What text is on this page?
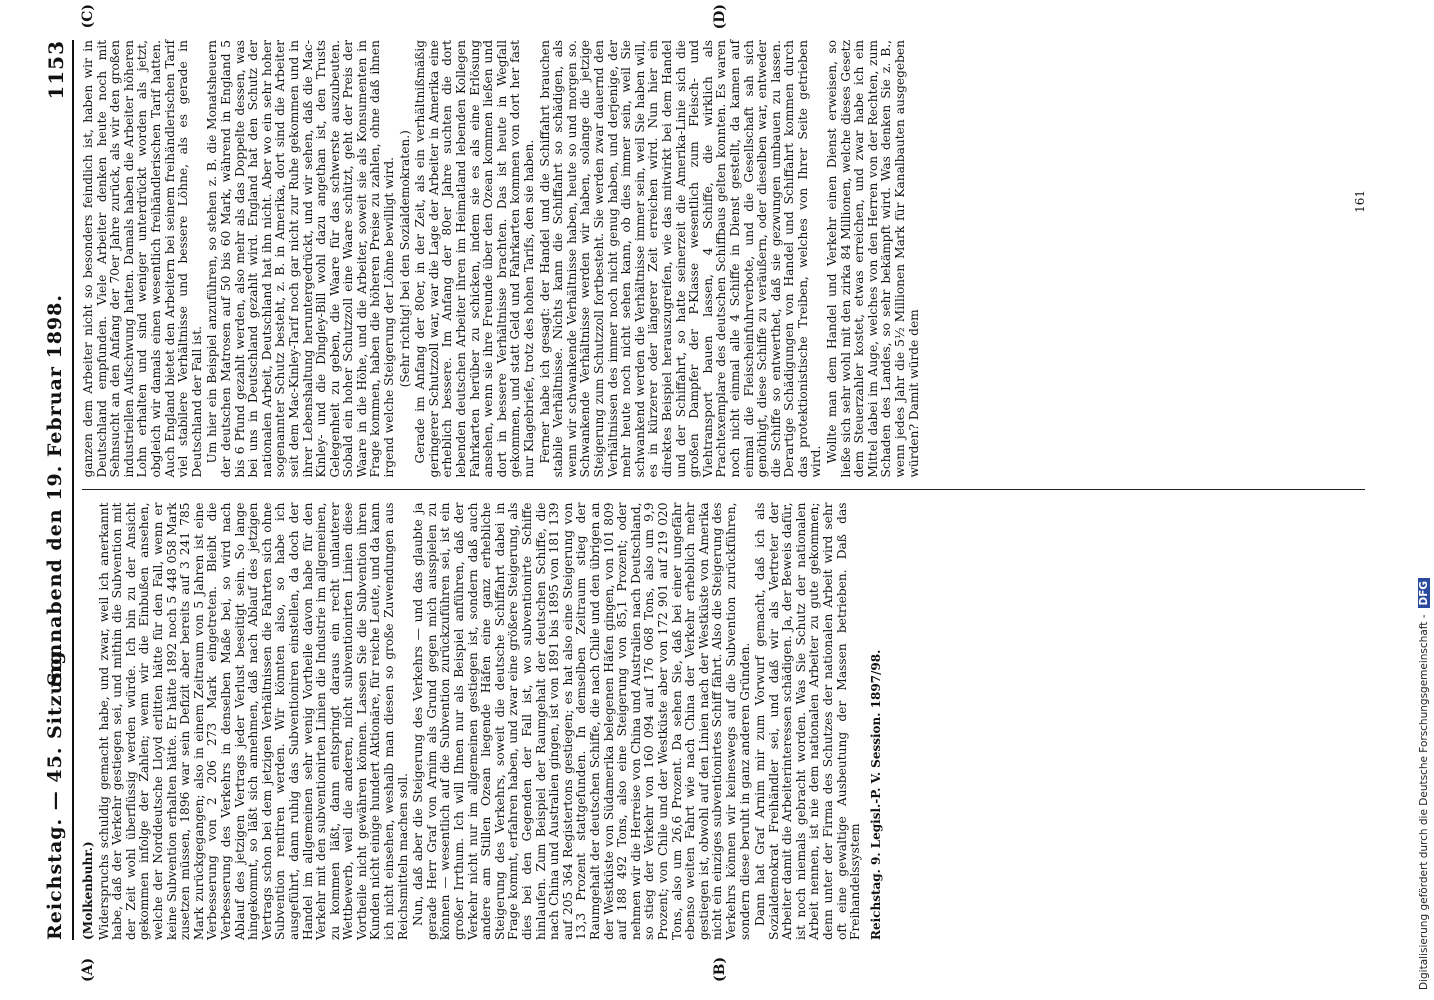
Reichstag. — 45. Sitzung.
Sonnabend den 19. Februar 1898.
1153
(A)	(B)
(C)	(D)

(Molkenbuhr.) Widerspruchs schuldig gemacht habe, und zwar, weil ich anerkannt habe, daß der Verkehr gestiegen sei, und mithin die Subvention mit der Zeit wohl überflüssig werden würde. Ich bin zu der Ansicht gekommen infolge der Zahlen; wenn wir die Einbußen ansehen, welche der Norddeutsche Lloyd erlitten hätte für den Fall, wenn er keine Subvention erhalten hätte. Er hätte 1892 noch 5 448 058 Mark zusetzen müssen, 1896 war sein Defizit aber bereits auf 3 241 785 Mark zurückgegangen; also in einem Zeitraum von 5 Jahren ist eine Verbesserung von 2 206 273 Mark eingetreten. Bleibt die Verbesserung des Verkehrs in denselben Maße bei, so wird nach Ablauf des jetzigen Vertrags jeder Verlust beseitigt sein. So lange hingekommt, so läßt sich annehmen, daß nach Ablauf des jetzigen Vertrags schon bei dem jetzigen Verhältnissen die Fahrten sich ohne Subvention rentiren werden. Wir könnten also, so habe ich ausgeführt, dann ruhig das Subventioniren einstellen, da doch der Handel im allgemeinen sehr wenig Vortheile davon habe für den Verkehr mit den subventionirten Linien die Industrie im allgemeinen, zu kommen läßt, dann entspringt daraus ein recht unlauterer Wettbewerb, weil die anderen, nicht subventionirten Linien diese Vortheile nicht gewähren können. Lassen Sie die Subvention ihren Kunden nicht einige hundert Aktionäre, für reiche Leute, und da kann ich nicht einsehen, weshalb man diesen so große Zuwendungen aus Reichsmitteln machen soll. Nun, daß aber die Steigerung des Verkehrs — und das glaubte ja gerade Herr Graf von Arnim als Grund gegen mich ausspielen zu können — wesentlich auf die Subvention zurückzuführen sei, ist ein großer Irrthum. Ich will Ihnen nur als Beispiel anführen, daß der Verkehr nicht nur im allgemeinen gestiegen ist, sondern daß auch andere am Stillen Ozean liegende Häfen eine ganz erhebliche Steigerung des Verkehrs, soweit die deutsche Schiffahrt dabei in Frage kommt, erfahren haben, und zwar eine größere Steigerung, als dies bei den Gegenden der Fall ist, wo subventionirte Schiffe hinlaufen. Zum Beispiel der Raumgehalt der deutschen Schiffe, die nach China und Australien gingen, ist von 1891 bis 1895 von 181 139 auf 205 364 Registertons gestiegen; es hat also eine Steigerung von 13,3 Prozent stattgefunden. In demselben Zeitraum stieg der Raumgehalt der deutschen Schiffe, die nach Chile und den übrigen an der Westküste von Südamerika belegenen Häfen gingen, von 101 809 auf 188 492 Tons, also eine Steigerung von 85,1 Prozent; oder nehmen wir die Herreise von China und Australien nach Deutschland, so stieg der Verkehr von 160 094 auf 176 068 Tons, also um 9,9 Prozent; von Chile und der Westküste aber von 172 901 auf 219 020 Tons, also um 26,6 Prozent. Da sehen Sie, daß bei einer ungefähr ebenso weiten Fahrt wie nach China der Verkehr erheblich mehr gestiegen ist, obwohl auf den Linien nach der Westküste von Amerika nicht ein einziges subventionirtes Schiff fährt. Also die Steigerung des Verkehrs können wir keineswegs auf die Subvention zurückführen, sondern diese beruht in ganz anderen Gründen. Dann hat Graf Arnim mir zum Vorwurf gemacht, daß ich als Sozialdemokrat Freihändler sei, und daß wir als Vertreter der Arbeiter damit die Arbeiterinteressen schädigen. Ja, der Beweis dafür, ist noch niemals gebracht worden. Was Sie Schutz der nationalen Arbeit nennen, ist nie dem nationalen Arbeiter zu gute gekommen; denn unter der Firma des Schutzes der nationalen Arbeit wird sehr oft eine gewaltige Ausbeutung der Massen betrieben. Daß das Freihandelssystem Reichstag. 9. Legisl.-P. V. Session. 1897/98.

ganzen dem Arbeiter nicht so besonders feindlich ist, haben wir in Deutschland empfunden. Viele Arbeiter denken heute noch mit Sehnsucht an den Anfang der 70er Jahre zurück, als wir den großen industriellen Aufschwung hatten. Damals haben die Arbeiter höheren Lohn erhalten und sind weniger unterdrückt worden als jetzt, obgleich wir damals einen wesentlich freihändlerischen Tarif hatten. Auch England bietet den Arbeitern bei seinem freihändlerischen Tarif viel stabilere Verhältnisse und bessere Löhne, als es gerade in Deutschland der Fall ist. Um hier ein Beispiel anzuführen, so stehen z. B. die Monatsheuern der deutschen Matrosen auf 50 bis 60 Mark, während in England 5 bis 6 Pfund gezahlt werden, also mehr als das Doppelte dessen, was bei uns in Deutschland gezahlt wird. England hat den Schutz der nationalen Arbeit, Deutschland hat ihn nicht. Aber wo ein sehr hoher sogenannter Schutz besteht, z. B. in Amerika, dort sind die Arbeiter seit dem Mac-Kinley-Tarif noch gar nicht zur Ruhe gekommen und in ihrer Lebenshaltung heruntergedrückt, und wir sehen, daß die Mac-Kinley- und die Dingley-Bill wohl dazu angethan ist, den Trusts Gelegenheit zu geben, die Waare für das schwerste auszubeuten. Sobald ein hoher Schutzzoll eine Waare schützt, geht der Preis der Waare in die Höhe, und die Arbeiter, soweit sie als Konsumenten in Frage kommen, haben die höheren Preise zu zahlen, ohne daß ihnen irgend welche Steigerung der Löhne bewilligt wird. (Sehr richtig! bei den Sozialdemokraten.) Gerade im Anfang der 80er, in der Zeit, als ein verhältnißmäßig geringerer Schutzzoll war, war die Lage der Arbeiter in Amerika eine erheblich bessere. Im Anfang der 80er Jahre suchten die dort lebenden deutschen Arbeiter ihren im Heimatland lebenden Kollegen Fahrkarten herüber zu schicken, indem sie es als eine Erlösung ansehen, wenn sie ihre Freunde über den Ozean kommen ließen und dort in bessere Verhältnisse brachten. Das ist heute in Wegfall gekommen, und statt Geld und Fahrkarten kommen von dort her fast nur Klagebriefe, trotz des hohen Tarifs, den sie haben. Ferner habe ich gesagt: der Handel und die Schiffahrt brauchen stabile Verhältnisse. Nichts kann die Schiffahrt so schädigen, als wenn wir schwankende Verhältnisse haben, heute so und morgen so. Schwankende Verhältnisse werden wir haben, solange die jetzige Steigerung zum Schutzzoll fortbesteht. Sie werden zwar dauernd den Verhältnissen des immer noch nicht genug haben, und derjenige, der mehr heute noch nicht sehen kann, ob dies immer sein, weil Sie schwankend werden die Verhältnisse immer sein, weil Sie haben will, es in kürzerer oder längerer Zeit erreichen wird. Nun hier ein direktes Beispiel herauszugreifen, wie das mitwirkt bei dem Handel und der Schiffahrt, so hatte seinerzeit die Amerika-Linie sich die großen Dampfer der P-Klasse wesentlich zum Fleisch- und Viehtransport bauen lassen, 4 Schiffe, die wirklich als Prachtexemplare des deutschen Schiffbaus gelten konnten. Es waren noch nicht einmal alle 4 Schiffe in Dienst gestellt, da kamen auf einmal die Fleischeinfuhrverbote, und die Gesellschaft sah sich genöthigt, diese Schiffe zu veräußern, oder dieselben war, entweder die Schiffe so entwerthet, daß sie gezwungen umbauen zu lassen. Derartige Schädigungen von Handel und Schiffahrt kommen durch das protektionistische Treiben, welches von Ihrer Seite getrieben wird. Wollte man dem Handel und Verkehr einen Dienst erweisen, so ließe sich sehr wohl mit den zirka 84 Millionen, welche dieses Gesetz dem Steuerzahler kostet, etwas erreichen, und zwar habe ich ein Mittel dabei im Auge, welches von den Herren von der Rechten, zum Schaden des Landes, so sehr bekämpft wird. Was denken Sie z. B., wenn jedes Jahr die 5½ Millionen Mark für Kanalbauten ausgegeben würden? Damit würde dem

161
Digitalisierung gefördert durch die Deutsche Forschungsgemeinschaft -DFG
